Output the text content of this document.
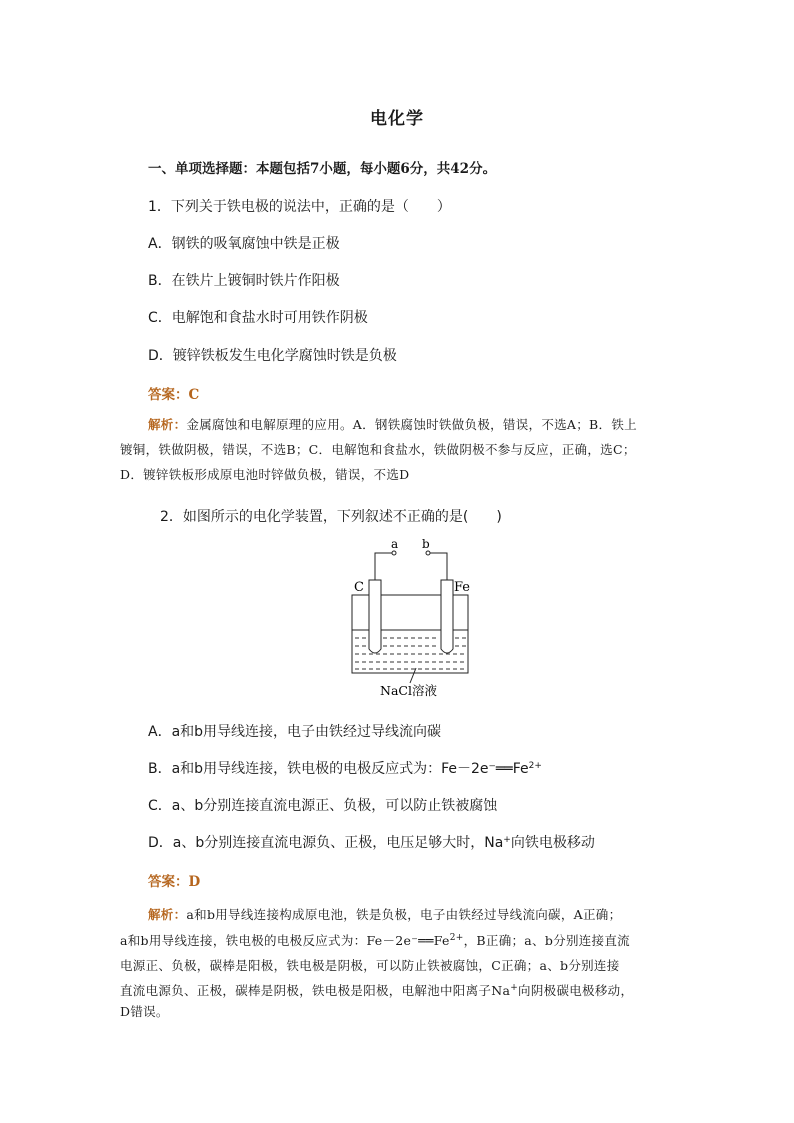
电化学
一、单项选择题：本题包括7小题，每小题6分，共42分。
1．下列关于铁电极的说法中，正确的是（　　）
A．钢铁的吸氧腐蚀中铁是正极
B．在铁片上镀铜时铁片作阳极
C．电解饱和食盐水时可用铁作阴极
D．镀锌铁板发生电化学腐蚀时铁是负极
答案：C
解析：金属腐蚀和电解原理的应用。A．钢铁腐蚀时铁做负极，错误，不选A；B．铁上
镀铜，铁做阴极，错误，不选B；C．电解饱和食盐水，铁做阴极不参与反应，正确，选C；
D．镀锌铁板形成原电池时锌做负极，错误，不选D
2．如图所示的电化学装置，下列叙述不正确的是(　　)
a b
C	Fe
NaCl溶液
A．a和b用导线连接，电子由铁经过导线流向碳
B．a和b用导线连接，铁电极的电极反应式为：$Fe-2e^-══Fe^{2+}$
C．a、b分别连接直流电源正、负极，可以防止铁被腐蚀
D．a、b分别连接直流电源负、正极，电压足够大时，Na+向铁电极移动
答案：D
解析：a和b用导线连接构成原电池，铁是负极，电子由铁经过导线流向碳，A正确；
a和b用导线连接，铁电极的电极反应式为：$Fe-2e^-══Fe^{2+}$，B正确；a、b分别连接直流
电源正、负极，碳棒是阳极，铁电极是阴极，可以防止铁被腐蚀，C正确；a、b分别连接
直流电源负、正极，碳棒是阴极，铁电极是阳极，电解池中阳离子Na+向阴极碳电极移动，
D错误。
